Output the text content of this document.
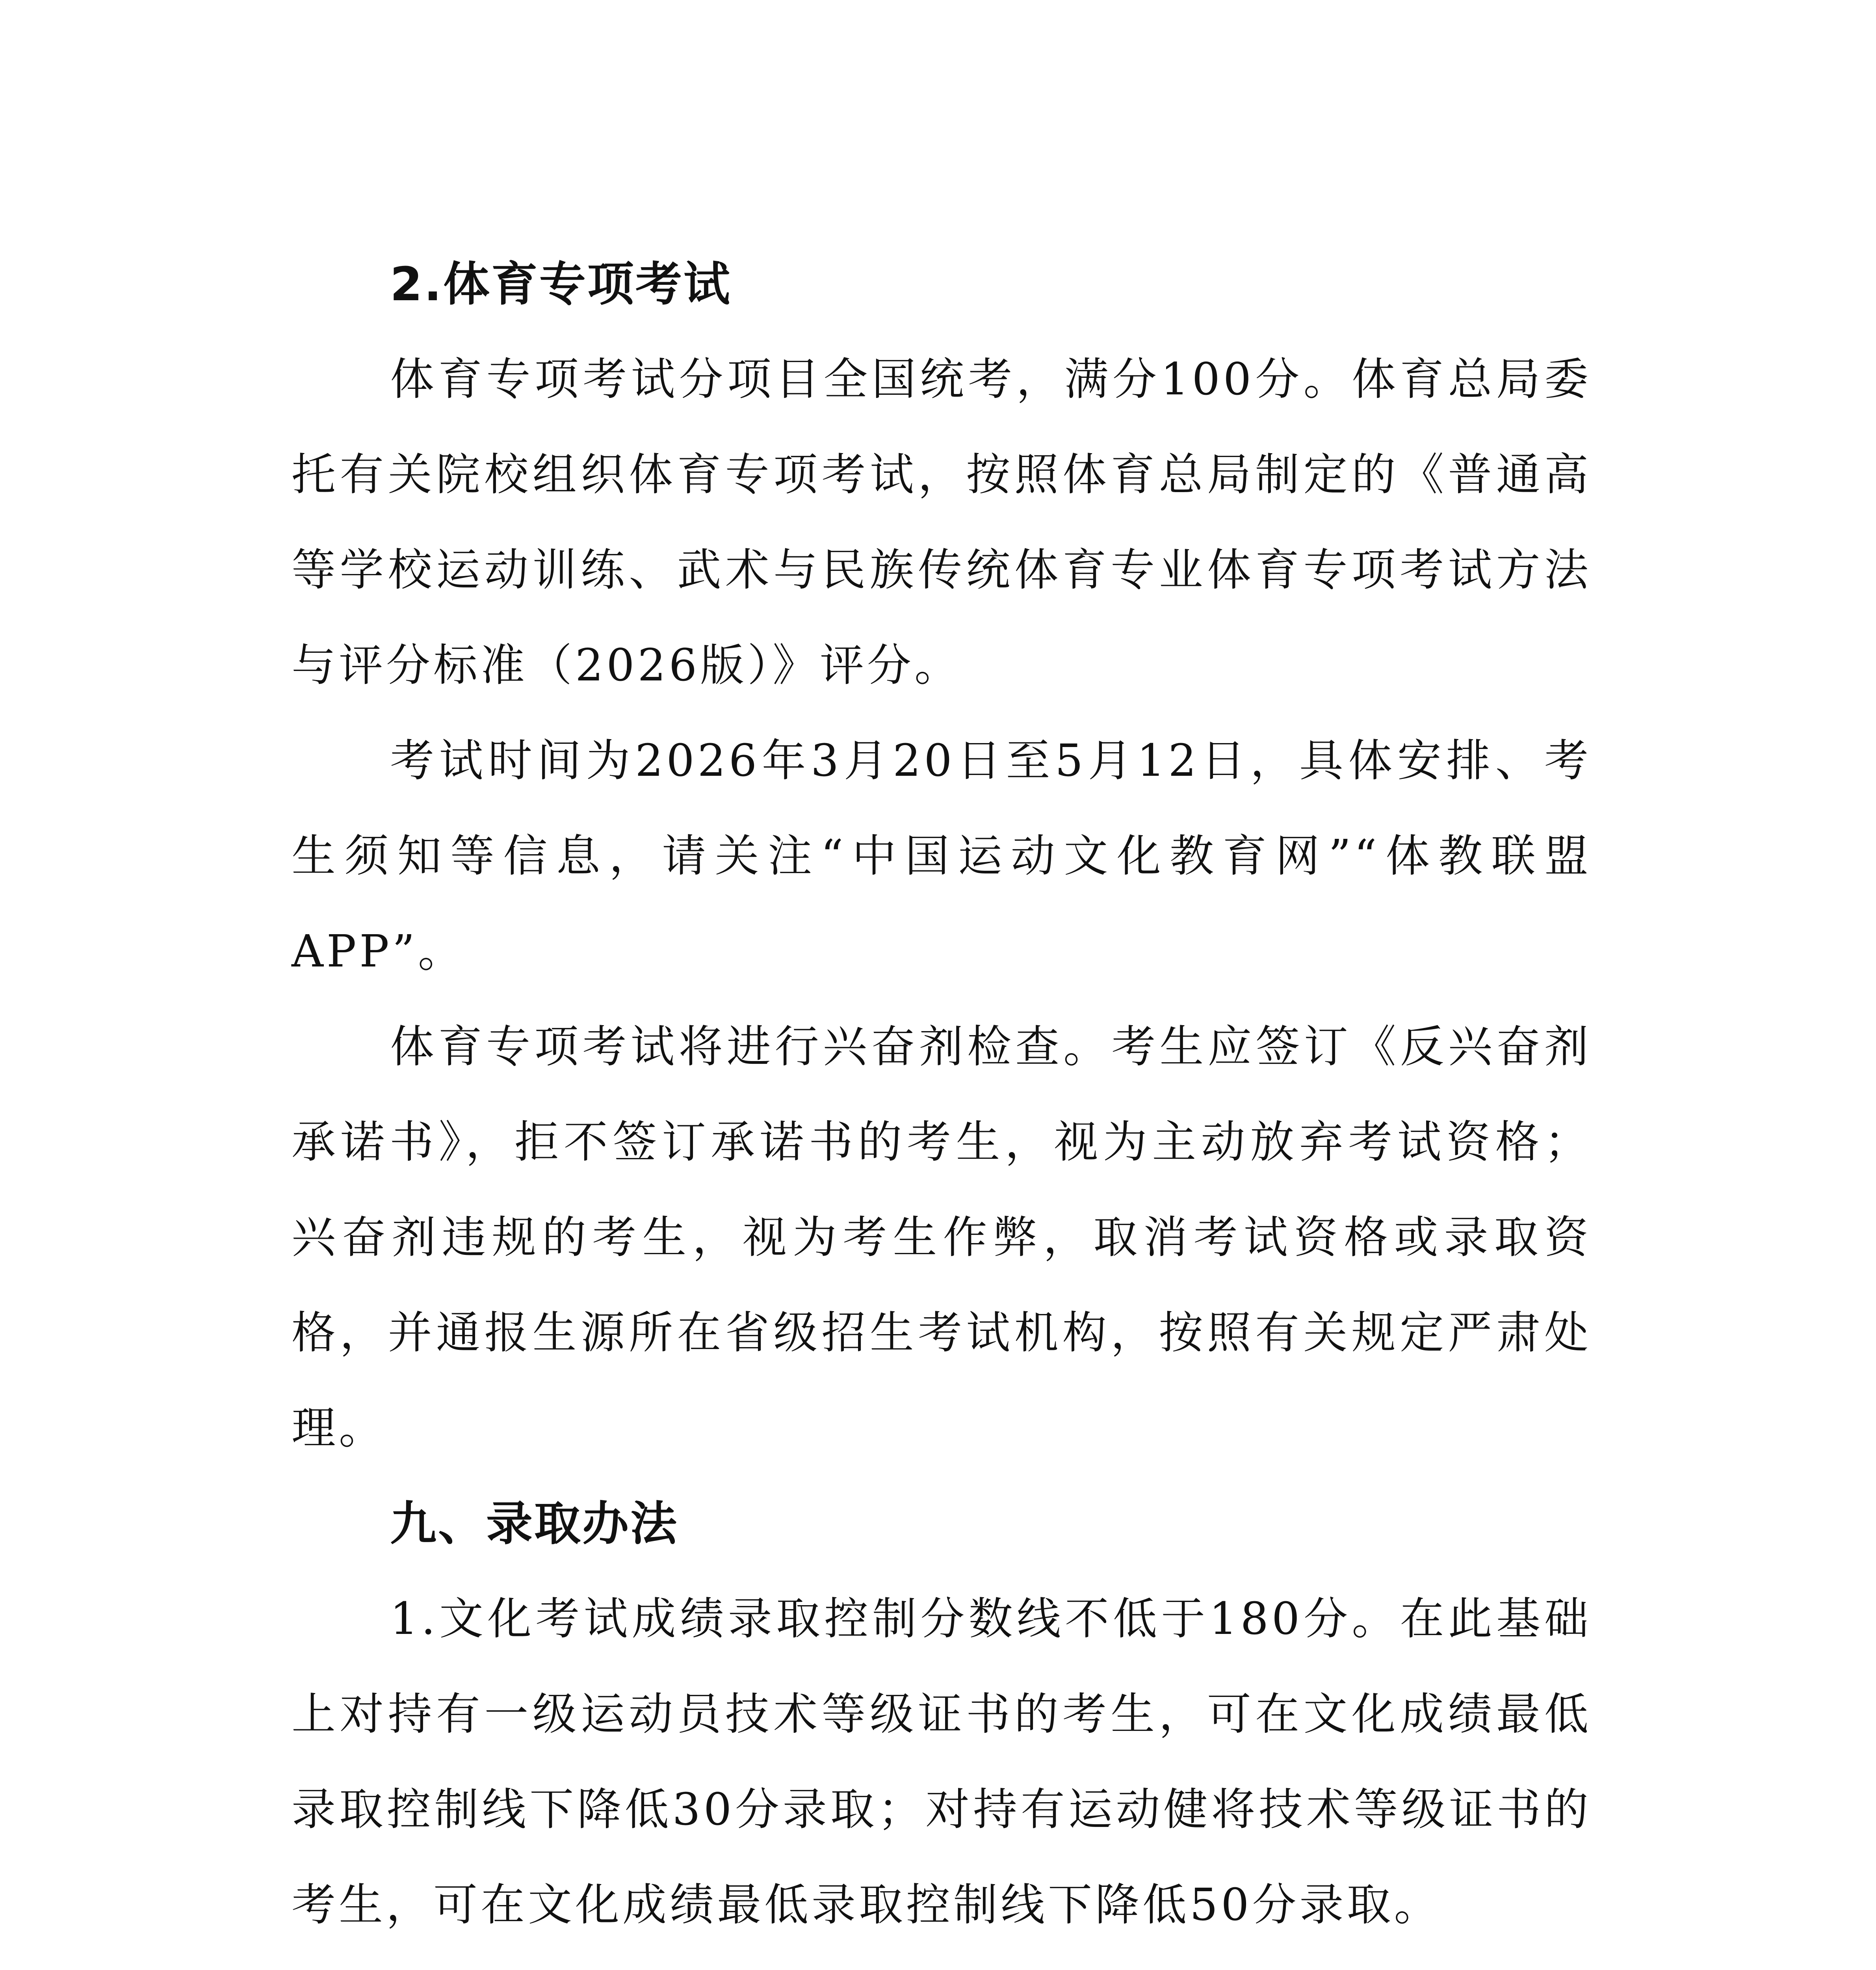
2.体育专项考试

体育专项考试分项目全国统考，满分100分。体育总局委托有关院校组织体育专项考试，按照体育总局制定的《普通高等学校运动训练、武术与民族传统体育专业体育专项考试方法与评分标准（2026版）》评分。

考试时间为2026年3月20日至5月12日，具体安排、考生须知等信息，请关注“中国运动文化教育网”“体教联盟APP”。

体育专项考试将进行兴奋剂检查。考生应签订《反兴奋剂承诺书》，拒不签订承诺书的考生，视为主动放弃考试资格；兴奋剂违规的考生，视为考生作弊，取消考试资格或录取资格，并通报生源所在省级招生考试机构，按照有关规定严肃处理。

九、录取办法

1.文化考试成绩录取控制分数线不低于180分。在此基础上对持有一级运动员技术等级证书的考生，可在文化成绩最低录取控制线下降低30分录取；对持有运动健将技术等级证书的考生，可在文化成绩最低录取控制线下降低50分录取。
